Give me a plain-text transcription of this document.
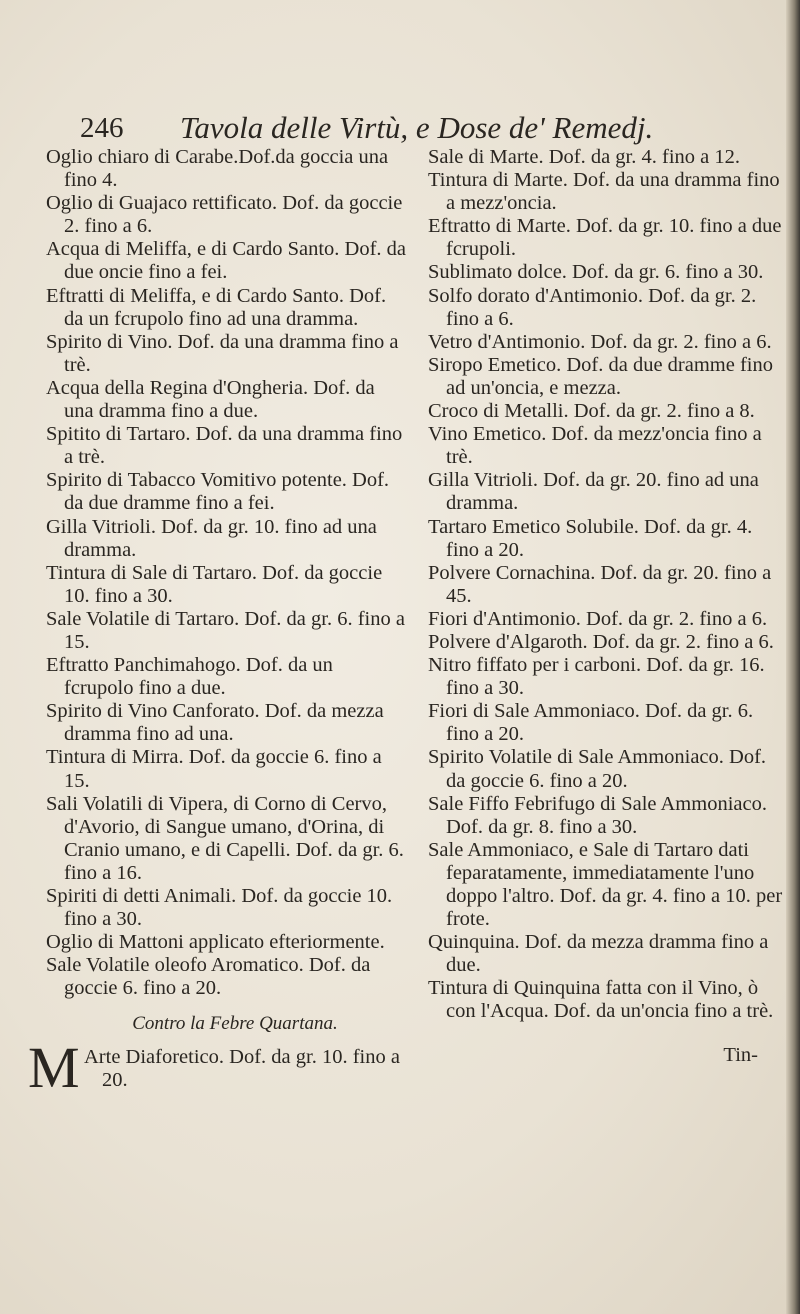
246 Tavola delle Virtù, e Dose de' Remedj.

Oglio chiaro di Carabe.Dof.da goccia una fino 4.

Oglio di Guajaco rettificato. Dof. da goccie 2. fino a 6.

Acqua di Meliffa, e di Cardo Santo. Dof. da due oncie fino a fei.

Eftratti di Meliffa, e di Cardo Santo. Dof. da un fcrupolo fino ad una dramma.

Spirito di Vino. Dof. da una dramma fino a trè.

Acqua della Regina d'Ongheria. Dof. da una dramma fino a due.

Spitito di Tartaro. Dof. da una dramma fino a trè.

Spirito di Tabacco Vomitivo potente. Dof. da due dramme fino a fei.

Gilla Vitrioli. Dof. da gr. 10. fino ad una dramma.

Tintura di Sale di Tartaro. Dof. da goccie 10. fino a 30.

Sale Volatile di Tartaro. Dof. da gr. 6. fino a 15.

Eftratto Panchimahogo. Dof. da un fcrupolo fino a due.

Spirito di Vino Canforato. Dof. da mezza dramma fino ad una.

Tintura di Mirra. Dof. da goccie 6. fino a 15.

Sali Volatili di Vipera, di Corno di Cervo, d'Avorio, di Sangue umano, d'Orina, di Cranio umano, e di Capelli. Dof. da gr. 6. fino a 16.

Spiriti di detti Animali. Dof. da goccie 10. fino a 30.

Oglio di Mattoni applicato efteriormente.

Sale Volatile oleofo Aromatico. Dof. da goccie 6. fino a 20.

Contro la Febre Quartana.

M Arte Diaforetico. Dof. da gr. 10. fino a 20.

Sale di Marte. Dof. da gr. 4. fino a 12.

Tintura di Marte. Dof. da una dramma fino a mezz'oncia.

Eftratto di Marte. Dof. da gr. 10. fino a due fcrupoli.

Sublimato dolce. Dof. da gr. 6. fino a 30.

Solfo dorato d'Antimonio. Dof. da gr. 2. fino a 6.

Vetro d'Antimonio. Dof. da gr. 2. fino a 6.

Siropo Emetico. Dof. da due dramme fino ad un'oncia, e mezza.

Croco di Metalli. Dof. da gr. 2. fino a 8.

Vino Emetico. Dof. da mezz'oncia fino a trè.

Gilla Vitrioli. Dof. da gr. 20. fino ad una dramma.

Tartaro Emetico Solubile. Dof. da gr. 4. fino a 20.

Polvere Cornachina. Dof. da gr. 20. fino a 45.

Fiori d'Antimonio. Dof. da gr. 2. fino a 6.

Polvere d'Algaroth. Dof. da gr. 2. fino a 6.

Nitro fiffato per i carboni. Dof. da gr. 16. fino a 30.

Fiori di Sale Ammoniaco. Dof. da gr. 6. fino a 20.

Spirito Volatile di Sale Ammoniaco. Dof. da goccie 6. fino a 20.

Sale Fiffo Febrifugo di Sale Ammoniaco. Dof. da gr. 8. fino a 30.

Sale Ammoniaco, e Sale di Tartaro dati feparatamente, immediatamente l'uno doppo l'altro. Dof. da gr. 4. fino a 10. per frote.

Quinquina. Dof. da mezza dramma fino a due.

Tintura di Quinquina fatta con il Vino, ò con l'Acqua. Dof. da un'oncia fino a trè.

Tin-
